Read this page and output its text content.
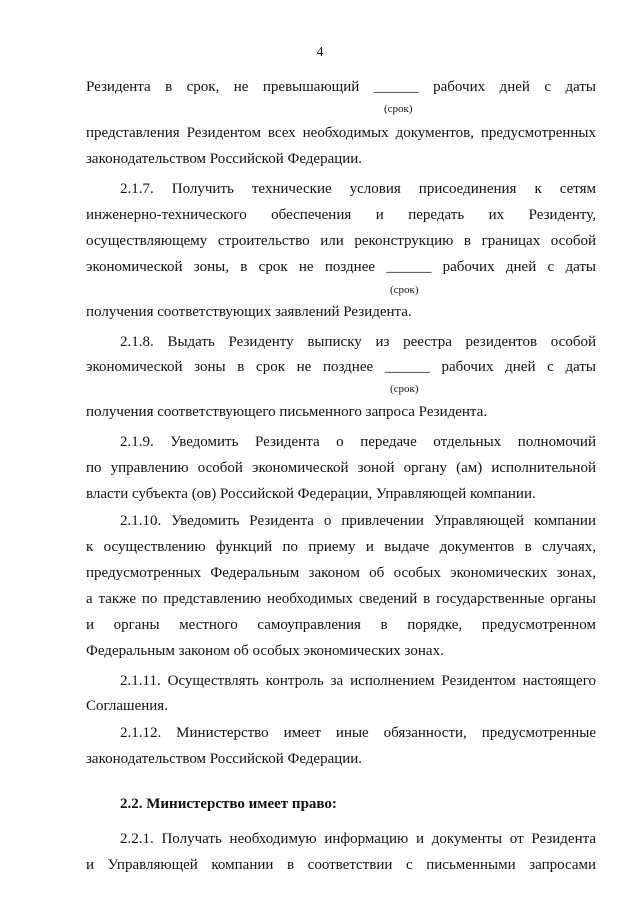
4

Резидента в срок, не превышающий ______ рабочих дней с даты

(срок)

представления Резидентом всех необходимых документов, предусмотренных

законодательством Российской Федерации.

2.1.7. Получить технические условия присоединения к сетям

инженерно-технического обеспечения и передать их Резиденту,

осуществляющему строительство или реконструкцию в границах особой

экономической зоны, в срок не позднее ______ рабочих дней с даты

(срок)

получения соответствующих заявлений Резидента.

2.1.8. Выдать Резиденту выписку из реестра резидентов особой

экономической зоны в срок не позднее ______ рабочих дней с даты

(срок)

получения соответствующего письменного запроса Резидента.

2.1.9. Уведомить Резидента о передаче отдельных полномочий

по управлению особой экономической зоной органу (ам) исполнительной

власти субъекта (ов) Российской Федерации, Управляющей компании.

2.1.10. Уведомить Резидента о привлечении Управляющей компании

к осуществлению функций по приему и выдаче документов в случаях,

предусмотренных Федеральным законом об особых экономических зонах,

а также по представлению необходимых сведений в государственные органы

и органы местного самоуправления в порядке, предусмотренном

Федеральным законом об особых экономических зонах.

2.1.11. Осуществлять контроль за исполнением Резидентом настоящего

Соглашения.

2.1.12. Министерство имеет иные обязанности, предусмотренные

законодательством Российской Федерации.

2.2. Министерство имеет право:

2.2.1. Получать необходимую информацию и документы от Резидента

и Управляющей компании в соответствии с письменными запросами
